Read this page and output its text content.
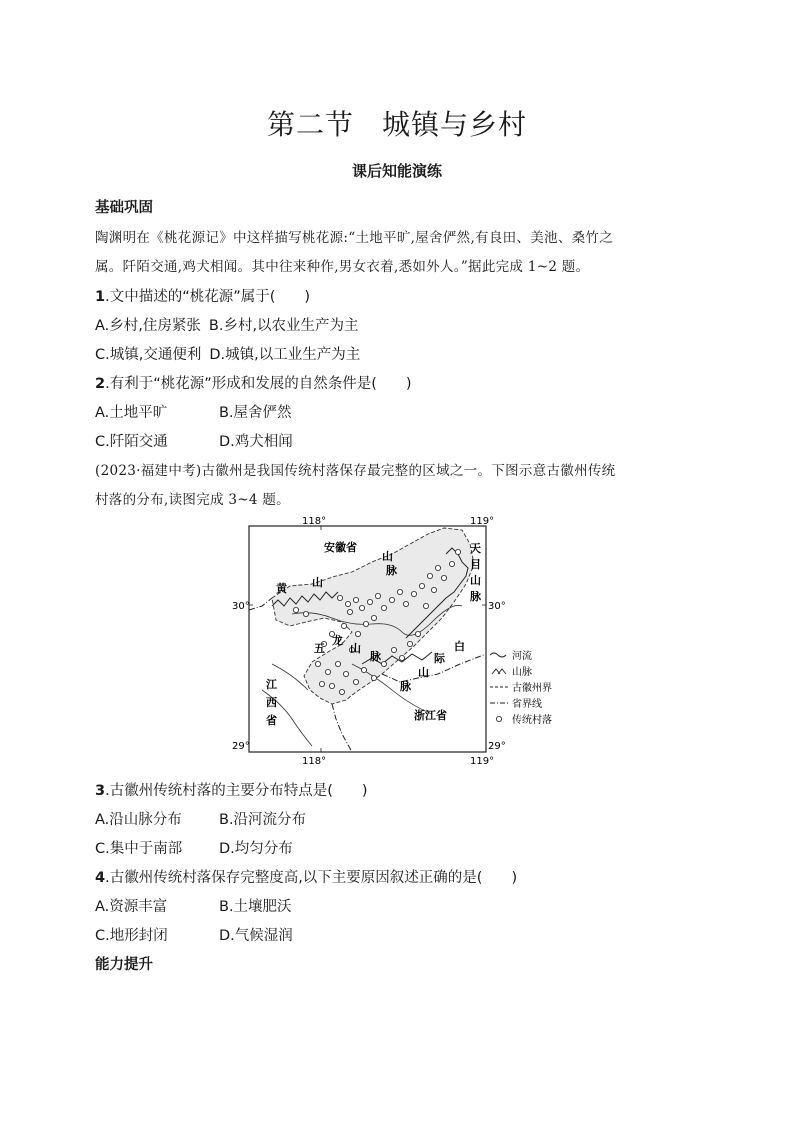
第二节 城镇与乡村
课后知能演练
基础巩固
陶渊明在《桃花源记》中这样描写桃花源:“土地平旷,屋舍俨然,有良田、美池、桑竹之
属。阡陌交通,鸡犬相闻。其中往来种作,男女衣着,悉如外人。”据此完成 1~2 题。
1.文中描述的“桃花源”属于(　　)
A.乡村,住房紧张 B.乡村,以农业生产为主
C.城镇,交通便利 D.城镇,以工业生产为主
2.有利于“桃花源”形成和发展的自然条件是(　　)
A.土地平旷	B.屋舍俨然
C.阡陌交通	D.鸡犬相闻
(2023·福建中考)古徽州是我国传统村落保存最完整的区域之一。下图示意古徽州传统
村落的分布,读图完成 3~4 题。
118°	119°
118°	119°
30°	30°
29°	29°
安徽省
浙江省
江
西
省
黄 山
山
脉
天
目
山
脉
白
际
山
脉
五
龙
山
脉	河流
山脉
古徽州界
省界线
传统村落
3.古徽州传统村落的主要分布特点是(　　)
A.沿山脉分布	B.沿河流分布
C.集中于南部	D.均匀分布
4.古徽州传统村落保存完整度高,以下主要原因叙述正确的是(　　)
A.资源丰富	B.土壤肥沃
C.地形封闭	D.气候湿润
能力提升
